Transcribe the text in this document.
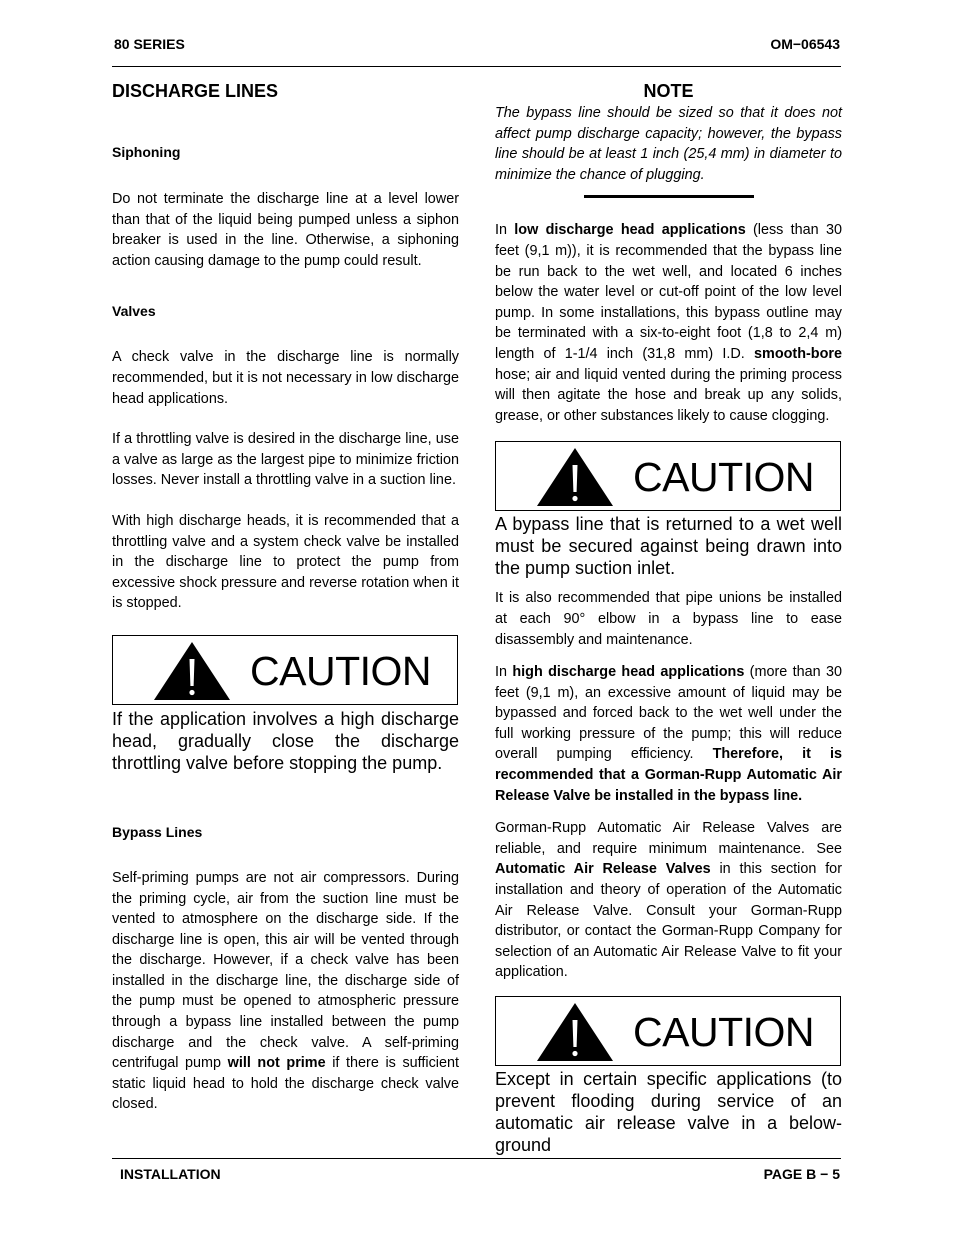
80 SERIES	OM−06543
DISCHARGE LINES
Siphoning

Do not terminate the discharge line at a level lower than that of the liquid being pumped unless a siphon breaker is used in the line. Otherwise, a siphoning action causing damage to the pump could result.

Valves

A check valve in the discharge line is normally recommended, but it is not necessary in low discharge head applications.

If a throttling valve is desired in the discharge line, use a valve as large as the largest pipe to minimize friction losses. Never install a throttling valve in a suction line.

With high discharge heads, it is recommended that a throttling valve and a system check valve be installed in the discharge line to protect the pump from excessive shock pressure and reverse rotation when it is stopped.

CAUTION

If the application involves a high discharge head, gradually close the discharge throttling valve before stopping the pump.

Bypass Lines

Self-priming pumps are not air compressors. During the priming cycle, air from the suction line must be vented to atmosphere on the discharge side. If the discharge line is open, this air will be vented through the discharge. However, if a check valve has been installed in the discharge line, the discharge side of the pump must be opened to atmospheric pressure through a bypass line installed between the pump discharge and the check valve. A self-priming centrifugal pump will not prime if there is sufficient static liquid head to hold the discharge check valve closed.

NOTE

The bypass line should be sized so that it does not affect pump discharge capacity; however, the bypass line should be at least 1 inch (25,4 mm) in diameter to minimize the chance of plugging.

In low discharge head applications (less than 30 feet (9,1 m)), it is recommended that the bypass line be run back to the wet well, and located 6 inches below the water level or cut-off point of the low level pump. In some installations, this bypass outline may be terminated with a six-to-eight foot (1,8 to 2,4 m) length of 1-1/4 inch (31,8 mm) I.D. smooth-bore hose; air and liquid vented during the priming process will then agitate the hose and break up any solids, grease, or other substances likely to cause clogging.

CAUTION

A bypass line that is returned to a wet well must be secured against being drawn into the pump suction inlet.

It is also recommended that pipe unions be installed at each 90° elbow in a bypass line to ease disassembly and maintenance.

In high discharge head applications (more than 30 feet (9,1 m), an excessive amount of liquid may be bypassed and forced back to the wet well under the full working pressure of the pump; this will reduce overall pumping efficiency. Therefore, it is recommended that a Gorman-Rupp Automatic Air Release Valve be installed in the bypass line.

Gorman-Rupp Automatic Air Release Valves are reliable, and require minimum maintenance. See Automatic Air Release Valves in this section for installation and theory of operation of the Automatic Air Release Valve. Consult your Gorman-Rupp distributor, or contact the Gorman-Rupp Company for selection of an Automatic Air Release Valve to fit your application.

CAUTION

Except in certain specific applications (to prevent flooding during service of an automatic air release valve in a below-ground

INSTALLATION	PAGE B − 5
